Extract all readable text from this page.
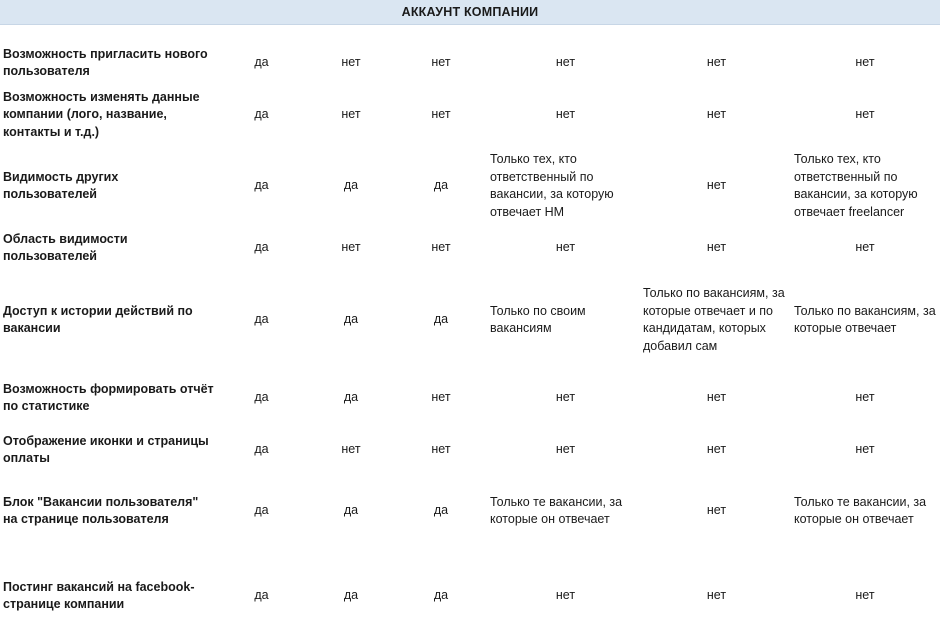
АККАУНТ КОМПАНИИ
Возможность пригласить нового пользователя	да	нет	нет	нет	нет	нет
Возможность изменять данные компании (лого, название, контакты и т.д.)	да	нет	нет	нет	нет	нет
Видимость других пользователей	да	да	да	Только тех, кто ответственный по вакансии, за которую отвечает HM	нет	Только тех, кто ответственный по вакансии, за которую отвечает freelancer
Область видимости пользователей	да	нет	нет	нет	нет	нет
Доступ к истории действий по вакансии	да	да	да	Только по своим вакансиям	Только по вакансиям, за которые отвечает и по кандидатам, которых добавил сам	Только по вакансиям, за которые отвечает
Возможность формировать отчёт по статистике	да	да	нет	нет	нет	нет
Отображение иконки и страницы оплаты	да	нет	нет	нет	нет	нет
Блок "Вакансии пользователя" на странице пользователя	да	да	да	Только те вакансии, за которые он отвечает	нет	Только те вакансии, за которые он отвечает
Постинг вакансий на facebook-странице компании	да	да	да	нет	нет	нет
